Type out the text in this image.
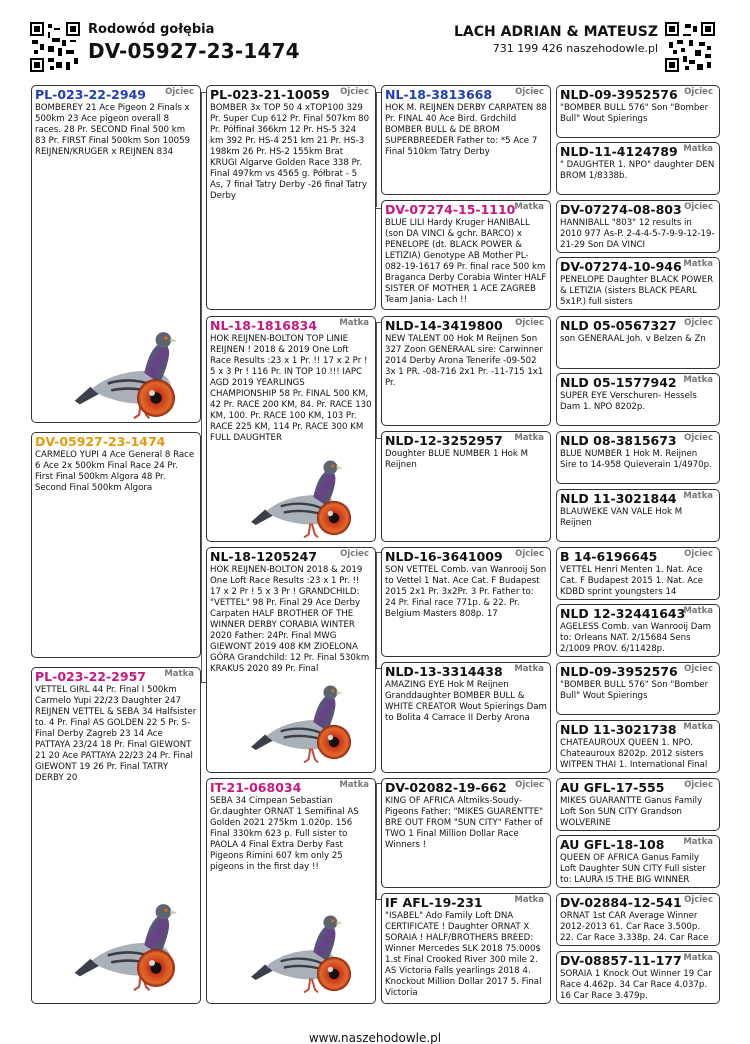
Rodowód gołębia
DV-05927-23-1474
LACH ADRIAN & MATEUSZ
731 199 426 naszehodowle.pl
PL-023-22-2949	Ojciec
BOMBEREY 21 Ace Pigeon 2 Finals x 500km 23 Ace pigeon overall 8 races. 28 Pr. SECOND Final 500 km 83 Pr. FIRST Final 500km Son 10059 REIJNEN/KRUGER x REIJNEN 834
DV-05927-23-1474
CARMELO YUPI 4 Ace General 8 Race 6 Ace 2x 500km Final Race 24 Pr. First Final 500km Algora 48 Pr. Second Final 500km Algora
PL-023-22-2957	Matka
VETTEL GIRL 44 Pr. Final I 500km Carmelo Yupi 22/23 Daughter 247 REIJNEN VETTEL & SEBA 34 Halfsister to. 4 Pr. Final AS GOLDEN 22 5 Pr. S-Final Derby Zagreb 23 14 Ace PATTAYA 23/24 18 Pr. Final GIEWONT 21 20 Ace PATTAYA 22/23 24 Pr. Final GIEWONT 19 26 Pr. Final TATRY DERBY 20
PL-023-21-10059	Ojciec
BOMBER 3x TOP 50 4 xTOP100 329 Pr. Super Cup 612 Pr. Final 507km 80 Pr. Półfinał 366km 12 Pr. HS-5 324 km 392 Pr. HS-4 251 km 21 Pr. HS-3 198km 26 Pr. HS-2 155km Brat KRUGI Algarve Golden Race 338 Pr. Final 497km vs 4565 g. Półbrat - 5 As, 7 finał Tatry Derby -26 finał Tatry Derby
NL-18-1816834	Matka
HOK REIJNEN-BOLTON TOP LINIE REIJNEN ! 2018 & 2019 One Loft Race Results :23 x 1 Pr. !! 17 x 2 Pr ! 5 x 3 Pr ! 116 Pr. IN TOP 10 !!! IAPC AGD 2019 YEARLINGS CHAMPIONSHIP 58 Pr. FINAL 500 KM, 42 Pr. RACE 200 KM, 84. Pr. RACE 130 KM, 100. Pr. RACE 100 KM, 103 Pr. RACE 225 KM, 114 Pr. RACE 300 KM FULL DAUGHTER
NL-18-1205247	Ojciec
HOK REIJNEN-BOLTON 2018 & 2019 One Loft Race Results :23 x 1 Pr. !! 17 x 2 Pr ! 5 x 3 Pr ! GRANDCHILD: "VETTEL" 98 Pr. Final 29 Ace Derby Carpaten HALF BROTHER OF THE WINNER DERBY CORABIA WINTER 2020 Father: 24Pr. Final MWG GIEWONT 2019 408 KM ZIOELONA GÓRA Grandchild: 12 Pr. Final 530km KRAKUS 2020 89 Pr. Final
IT-21-068034	Matka
SEBA 34 Cimpean Sebastian Gr.daughter ORNAT 1 Semifinal AS Golden 2021 275km 1.020p. 156 Final 330km 623 p. Full sister to PAOLA 4 Final Extra Derby Fast Pigeons Rimini 607 km only 25 pigeons in the first day !!
NL-18-3813668	Ojciec
HOK M. REIJNEN DERBY CARPATEN 88 Pr. FINAL 40 Ace Bird. Grdchild BOMBER BULL & DE BROM SUPERBREEDER Father to: *5 Ace 7 Final 510km Tatry Derby
DV-07274-15-1110
Matka
BLUE LILI Hardy Kruger HANIBALL (son DA VINCI & gchr. BARCO) x PENELOPE (dt. BLACK POWER & LETIZIA) Genotype AB Mother PL-082-19-1617 69 Pr. final race 500 km Braganca Derby Corabia Winter HALF SISTER OF MOTHER 1 ACE ZAGREB Team Jania- Lach !!
NLD-14-3419800	Ojciec
NEW TALENT 00 Hok M Reijnen Son 327 Zoon GENERAAL sire: Carwinner 2014 Derby Arona Tenerife -09-502 3x 1 PR. -08-716 2x1 Pr. -11-715 1x1 Pr.
NLD-12-3252957	Matka
Doughter BLUE NUMBER 1 Hok M Reijnen
NLD-16-3641009	Ojciec
SON VETTEL Comb. van Wanrooij Son to Vettel 1 Nat. Ace Cat. F Budapest 2015 2x1 Pr. 3x2Pr. 3 Pr. Father to: 24 Pr. Final race 771p. & 22. Pr. Belgium Masters 808p. 17
NLD-13-3314438	Matka
AMAZING EYE Hok M Reijnen Granddaughter BOMBER BULL & WHITE CREATOR Wout Spierings Dam to Bolita 4 Carrace II Derby Arona
DV-02082-19-662 Ojciec
KING OF AFRICA Altmiks-Soudy-Pigeons Father: "MIKES GUARENTTE" BRE OUT FROM "SUN CITY" Father of TWO 1 Final Million Dollar Race Winners !
IF AFL-19-231	Matka
"ISABEL" Ado Family Loft DNA CERTIFICATE ! Daughter ORNAT X SORAIA ! HALF/BROTHERS BREED: Winner Mercedes SLK 2018 75.000$ 1.st Final Crooked River 300 mile 2. AS Victoria Falls yearlings 2018 4. Knockout Million Dollar 2017 5. Final Victoria
NLD-09-3952576 Ojciec
"BOMBER BULL 576" Son "Bomber Bull" Wout Spierings
NLD-11-4124789 Matka
" DAUGHTER 1. NPO" daughter DEN BROM 1/8338b.
DV-07274-08-803 Ojciec
HANNIBALL "803" 12 results in 2010 977 As-P. 2-4-4-5-7-9-9-12-19-21-29 Son DA VINCI
DV-07274-10-946 Matka
PENELOPE Daughter BLACK POWER & LETIZIA (sisters BLACK PEARL 5x1P.) full sisters
NLD 05-0567327 Ojciec
son GENERAAL Joh. v Belzen & Zn
NLD 05-1577942 Matka
SUPER EYE Verschuren- Hessels Dam 1. NPO 8202p.
NLD 08-3815673 Ojciec
BLUE NUMBER 1 Hok M. Reijnen Sire to 14-958 Quieverain 1/4970p.
NLD 11-3021844 Matka
BLAUWEKE VAN VALE Hok M Reijnen
B 14-6196645	Ojciec
VETTEL Henri Menten 1. Nat. Ace Cat. F Budapest 2015 1. Nat. Ace KDBD sprint youngsters 14
NLD 12-32441643
Matka
AGELESS Comb. van Wanrooij Dam to: Orleans NAT. 2/15684 Sens 2/1009 PROV. 6/11428p.
NLD-09-3952576 Ojciec
"BOMBER BULL 576" Son "Bomber Bull" Wout Spierings
NLD 11-3021738 Matka
CHATEAUROUX QUEEN 1. NPO. Chateauroux 8202p. 2012 sisters WITPEN THAI 1. International Final
AU GFL-17-555	Ojciec
MIKES GUARANTTE Ganus Family Loft Son SUN CITY Grandson WOLVERINE
AU GFL-18-108	Matka
QUEEN OF AFRICA Ganus Family Loft Daughter SUN CITY Full sister to: LAURA IS THE BIG WINNER
DV-02884-12-541 Ojciec
ORNAT 1st CAR Average Winner 2012-2013 61. Car Race 3.500p. 22. Car Race 3.338p. 24. Car Race
DV-08857-11-177 Matka
SORAIA 1 Knock Out Winner 19 Car Race 4.462p. 34 Car Race 4.037p. 16 Car Race 3.479p.
www.naszehodowle.pl
